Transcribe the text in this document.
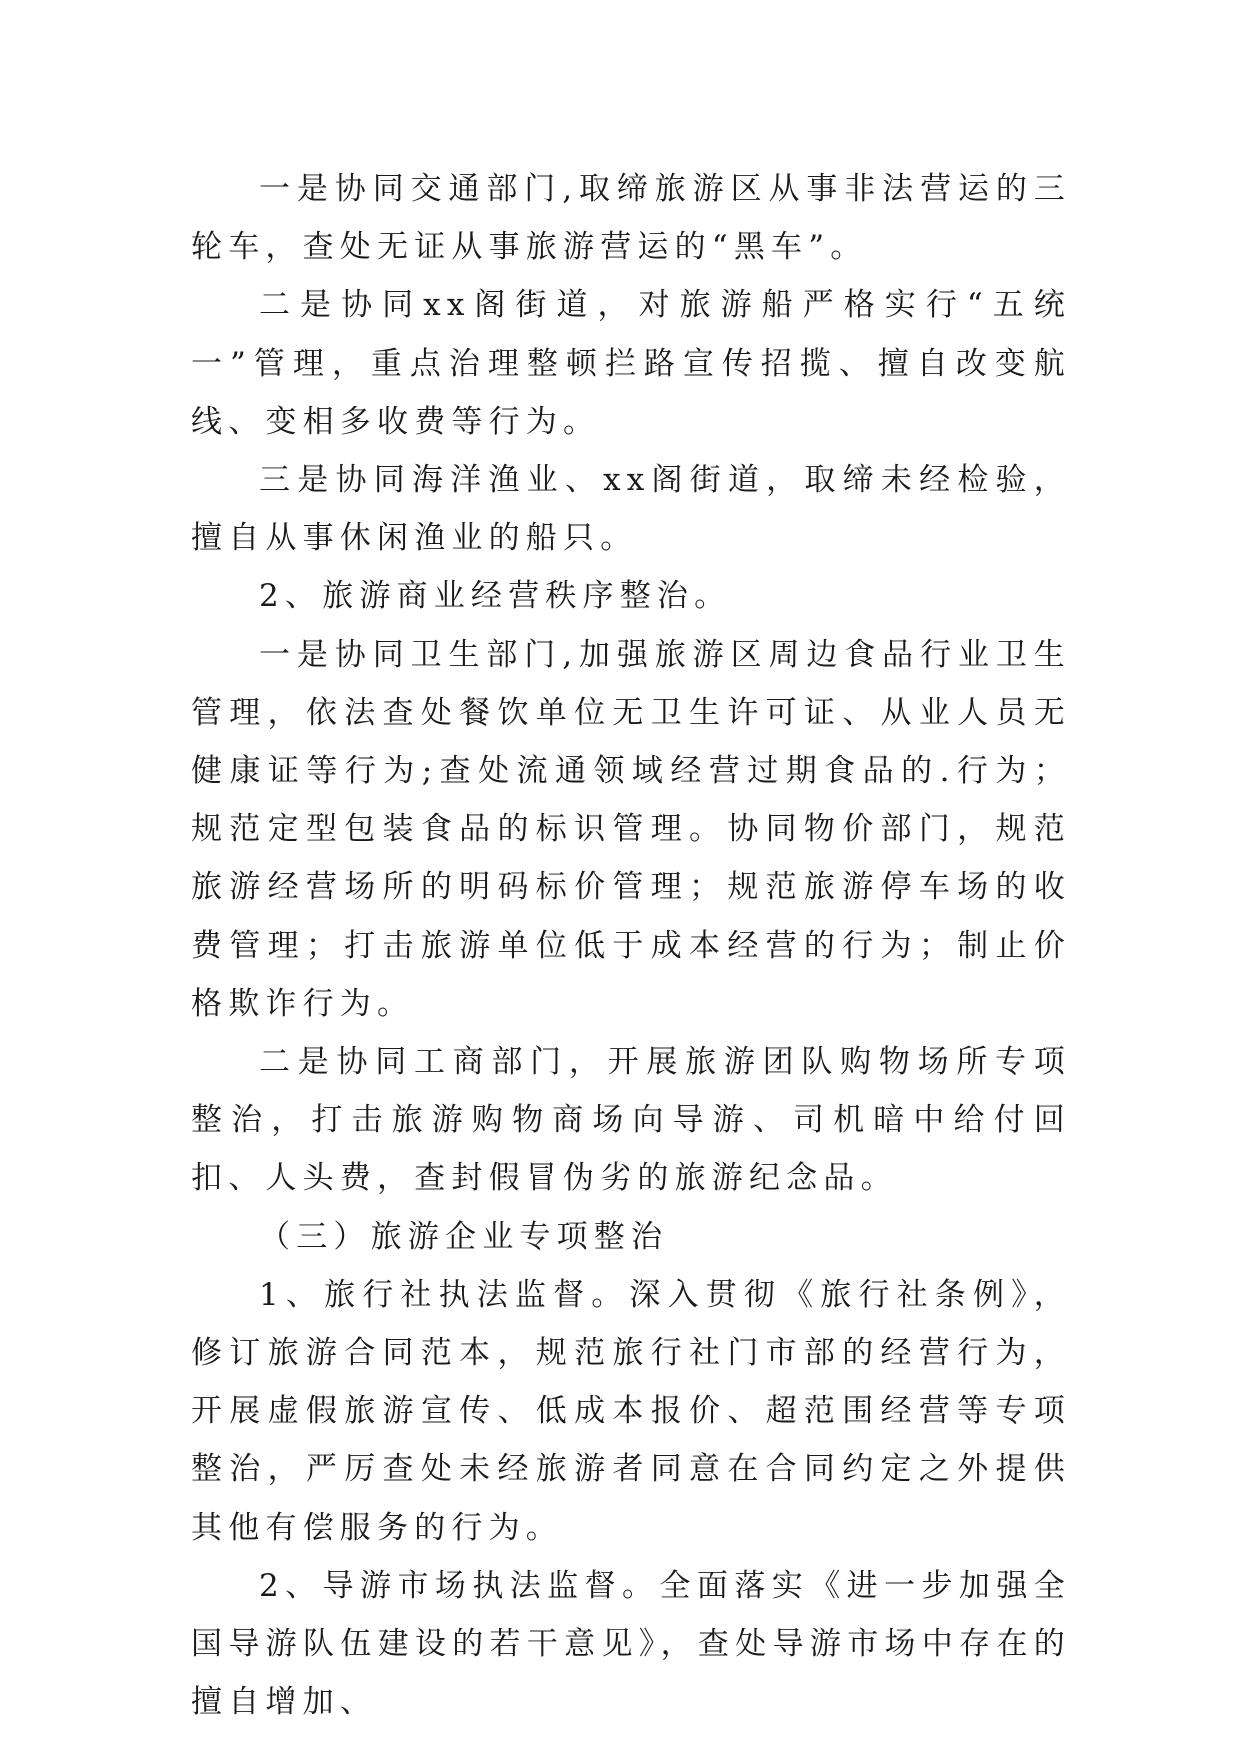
一是协同交通部门,取缔旅游区从事非法营运的三轮车，查处无证从事旅游营运的“黑车”。

二是协同xx阁街道，对旅游船严格实行“五统一”管理，重点治理整顿拦路宣传招揽、擅自改变航线、变相多收费等行为。

三是协同海洋渔业、xx阁街道，取缔未经检验，擅自从事休闲渔业的船只。

2、旅游商业经营秩序整治。

一是协同卫生部门,加强旅游区周边食品行业卫生管理，依法查处餐饮单位无卫生许可证、从业人员无健康证等行为;查处流通领域经营过期食品的.行为；规范定型包装食品的标识管理。协同物价部门，规范旅游经营场所的明码标价管理；规范旅游停车场的收费管理；打击旅游单位低于成本经营的行为；制止价格欺诈行为。

二是协同工商部门，开展旅游团队购物场所专项整治，打击旅游购物商场向导游、司机暗中给付回扣、人头费，查封假冒伪劣的旅游纪念品。

（三）旅游企业专项整治

1、旅行社执法监督。深入贯彻《旅行社条例》，修订旅游合同范本，规范旅行社门市部的经营行为，开展虚假旅游宣传、低成本报价、超范围经营等专项整治，严厉查处未经旅游者同意在合同约定之外提供其他有偿服务的行为。

2、导游市场执法监督。全面落实《进一步加强全国导游队伍建设的若干意见》，查处导游市场中存在的擅自增加、
